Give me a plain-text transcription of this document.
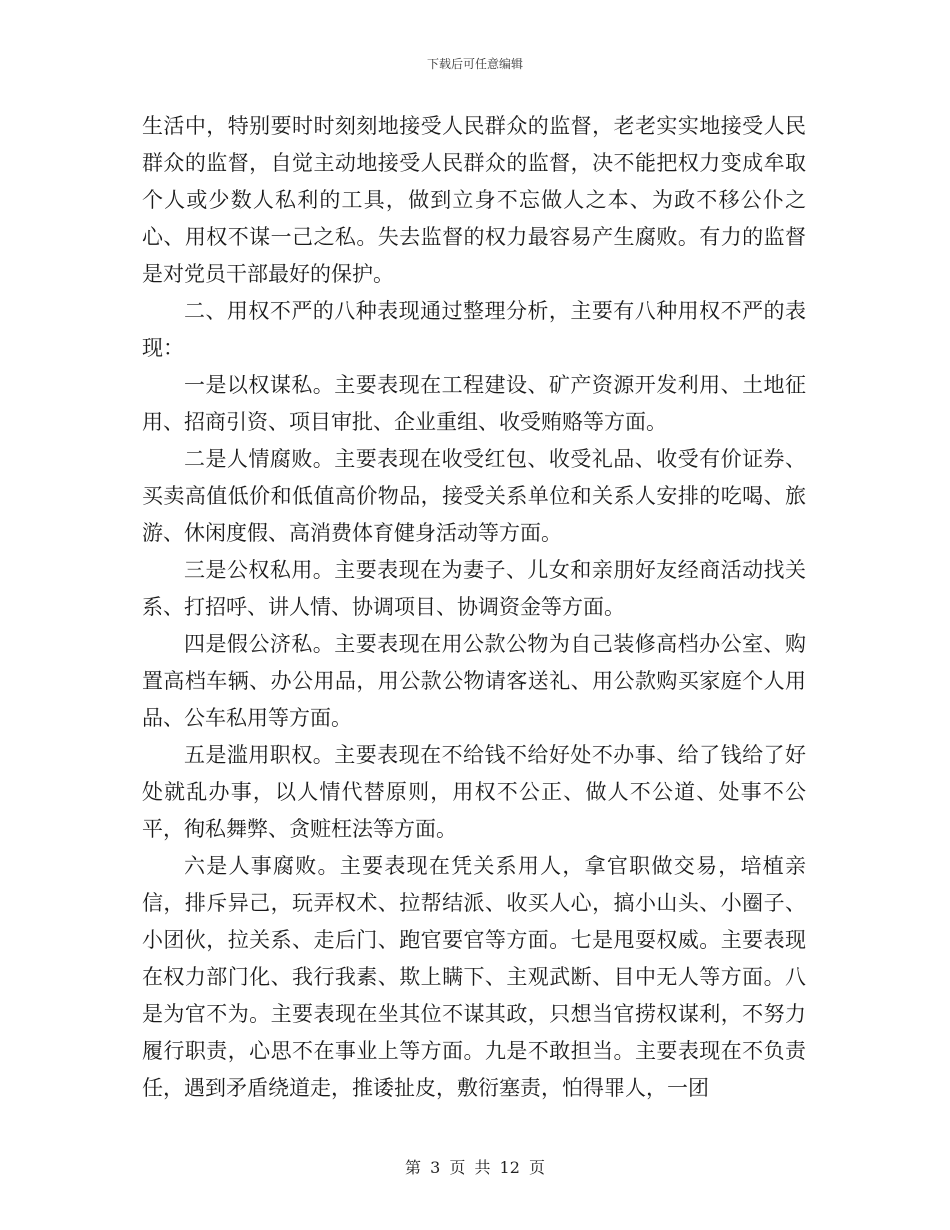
下载后可任意编辑

生活中，特别要时时刻刻地接受人民群众的监督，老老实实地接受人民群众的监督，自觉主动地接受人民群众的监督，决不能把权力变成牟取个人或少数人私利的工具，做到立身不忘做人之本、为政不移公仆之心、用权不谋一己之私。失去监督的权力最容易产生腐败。有力的监督是对党员干部最好的保护。

二、用权不严的八种表现通过整理分析，主要有八种用权不严的表现：

一是以权谋私。主要表现在工程建设、矿产资源开发利用、土地征用、招商引资、项目审批、企业重组、收受贿赂等方面。

二是人情腐败。主要表现在收受红包、收受礼品、收受有价证券、买卖高值低价和低值高价物品，接受关系单位和关系人安排的吃喝、旅游、休闲度假、高消费体育健身活动等方面。

三是公权私用。主要表现在为妻子、儿女和亲朋好友经商活动找关系、打招呼、讲人情、协调项目、协调资金等方面。

四是假公济私。主要表现在用公款公物为自己装修高档办公室、购置高档车辆、办公用品，用公款公物请客送礼、用公款购买家庭个人用品、公车私用等方面。

五是滥用职权。主要表现在不给钱不给好处不办事、给了钱给了好处就乱办事，以人情代替原则，用权不公正、做人不公道、处事不公平，徇私舞弊、贪赃枉法等方面。

六是人事腐败。主要表现在凭关系用人，拿官职做交易，培植亲信，排斥异己，玩弄权术、拉帮结派、收买人心，搞小山头、小圈子、小团伙，拉关系、走后门、跑官要官等方面。七是甩耍权威。主要表现在权力部门化、我行我素、欺上瞒下、主观武断、目中无人等方面。八是为官不为。主要表现在坐其位不谋其政，只想当官捞权谋利，不努力履行职责，心思不在事业上等方面。九是不敢担当。主要表现在不负责任，遇到矛盾绕道走，推诿扯皮，敷衍塞责，怕得罪人，一团

第 3 页 共 12 页
